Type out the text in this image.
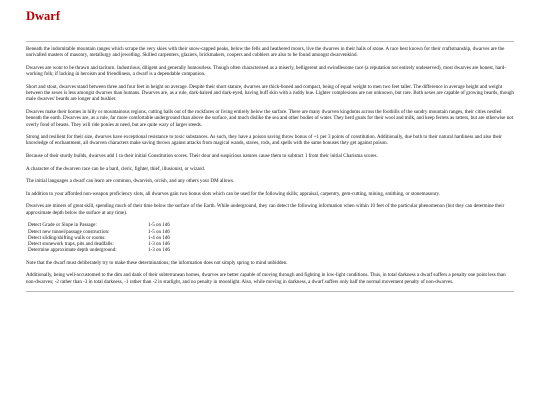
Dwarf

Beneath the indomitable mountain ranges which scrape the very skies with their snow-capped peaks, below the fells and heathered moors, live the dwarves in their halls of stone. A race best known for their craftsmanship, dwarves are the unrivalled masters of masonry, metallurgy and jewelling. Skilled carpenters, glaziers, brickmakers, coopers and cobblers are also to be found amongst dwarvenkind.

Dwarves are wont to be thrawn and taciturn. Industrious, diligent and generally humourless. Though often characterised as a miserly, belligerent and swindlesome race (a reputation not entirely undeserved), most dwarves are honest, hard-working folk; if lacking in heroism and friendliness, a dwarf is a dependable companion.

Short and stout, dwarves stand between three and four feet in height on average. Despite their short stature, dwarves are thick-boned and compact, being of equal weight to men two feet taller. The difference in average height and weight between the sexes is less amongst dwarves than humans. Dwarves are, as a rule, dark-haired and dark-eyed, having buff skin with a ruddy hue. Lighter complexions are not unknown, but rare. Both sexes are capable of growing beards, though male dwarves' beards are longer and bushier.

Dwarves make their homes in hilly or mountainous regions, cutting halls out of the rockfaces or living entirely below the surface. There are many dwarven kingdoms across the foothills of the sundry mountain ranges, their cities nestled beneath the earth. Dwarves are, as a rule, far more comfortable underground than above the surface, and much dislike the sea and other bodies of water. They herd goats for their wool and milk, and keep ferrets as ratters, but are otherwise not overly fond of beasts. They will ride ponies at need, but are quite wary of larger steeds.

Strong and resilient for their size, dwarves have exceptional resistance to toxic substances. As such, they have a poison saving throw bonus of +1 per 3 points of constitution. Additionally, due both to their natural hardiness and also their knowledge of enchantment, all dwarven characters make saving throws against attacks from magical wands, staves, rods, and spells with the same bonuses they get against poison.

Because of their sturdy builds, dwarves add 1 to their initial Constitution scores. Their dour and suspicious natures cause them to subtract 1 from their initial Charisma scores.

A character of the dwarven race can be a bard, cleric, fighter, thief, illusionist, or wizard.

The initial languages a dwarf can learn are common, dwarvish, orcish, and any others your DM allows.

In addition to your afforded non-weapon proficiency slots, all dwarves gain two bonus slots which can be used for the following skills; appraisal, carpentry, gem-cutting, mining, smithing, or stonemasonry.

Dwarves are miners of great skill, spending much of their time below the surface of the Earth. While underground, they can detect the following information when within 10 feet of the particular phenomenon (but they can determine their approximate depth below the surface at any time).

Detect Grade or Slope in Passage:	1-5 on 1d6
Detect new tunnel/passage construction:	1-5 on 1d6
Detect sliding/shifting walls or rooms:	1-4 on 1d6
Detect stonework traps, pits and deadfalls:	1-3 on 1d6
Determine approximate depth underground:	1-3 on 1d6

Note that the dwarf must deliberately try to make these determinations; the information does not simply spring to mind unbidden.

Additionally, being well-accustomed to the dim and dank of their subterranean homes, dwarves are better capable of moving through and fighting in low-light conditions. Thus, in total darkness a dwarf suffers a penalty one point less than non-dwarves; -2 rather than -3 in total darkness, -1 rather than -2 in starlight, and no penalty in moonlight. Also, while moving in darkness, a dwarf suffers only half the normal movement penalty of non-dwarves.
